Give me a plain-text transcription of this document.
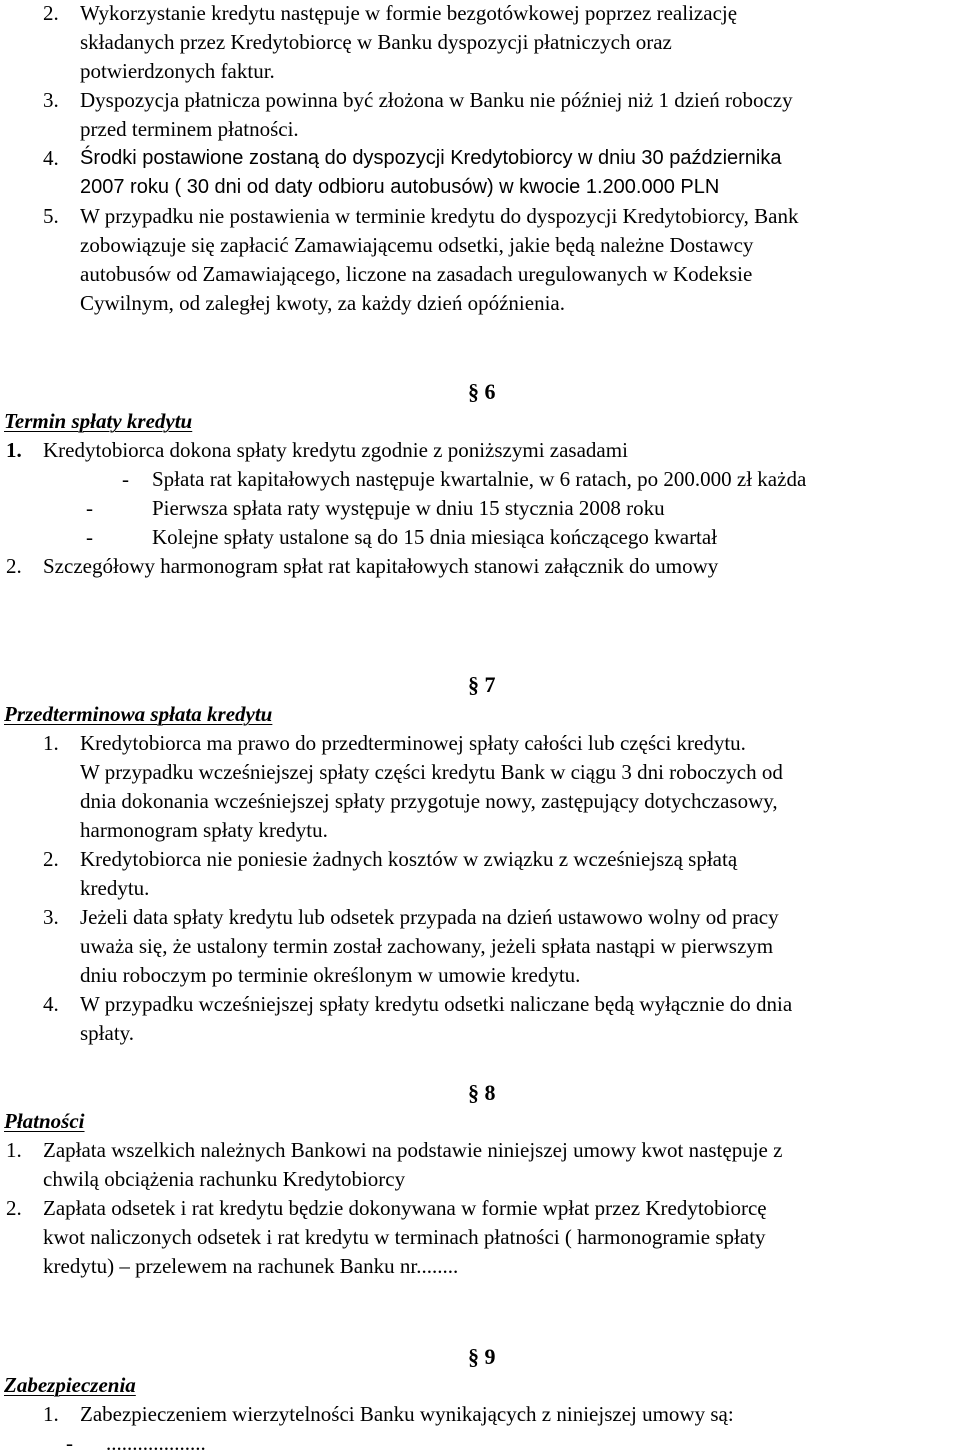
2. Wykorzystanie kredytu następuje w formie bezgotówkowej poprzez realizację
składanych przez Kredytobiorcę w Banku dyspozycji płatniczych oraz
potwierdzonych faktur.
3. Dyspozycja płatnicza powinna być złożona w Banku nie później niż 1 dzień roboczy
przed terminem płatności.
4. Środki postawione zostaną do dyspozycji Kredytobiorcy w dniu 30 października
2007 roku ( 30 dni od daty odbioru autobusów) w kwocie 1.200.000 PLN
5. W przypadku nie postawienia w terminie kredytu do dyspozycji Kredytobiorcy, Bank
zobowiązuje się zapłacić Zamawiającemu odsetki, jakie będą należne Dostawcy
autobusów od Zamawiającego, liczone na zasadach uregulowanych w Kodeksie
Cywilnym, od zaległej kwoty, za każdy dzień opóźnienia.
§ 6
Termin spłaty kredytu
1. Kredytobiorca dokona spłaty kredytu zgodnie z poniższymi zasadami
- Spłata rat kapitałowych następuje kwartalnie, w 6 ratach, po 200.000 zł każda
-	Pierwsza spłata raty występuje w dniu 15 stycznia 2008 roku
-	Kolejne spłaty ustalone są do 15 dnia miesiąca kończącego kwartał
2. Szczegółowy harmonogram spłat rat kapitałowych stanowi załącznik do umowy
§ 7
Przedterminowa spłata kredytu
1. Kredytobiorca ma prawo do przedterminowej spłaty całości lub części kredytu.
W przypadku wcześniejszej spłaty części kredytu Bank w ciągu 3 dni roboczych od
dnia dokonania wcześniejszej spłaty przygotuje nowy, zastępujący dotychczasowy,
harmonogram spłaty kredytu.
2. Kredytobiorca nie poniesie żadnych kosztów w związku z wcześniejszą spłatą
kredytu.
3. Jeżeli data spłaty kredytu lub odsetek przypada na dzień ustawowo wolny od pracy
uważa się, że ustalony termin został zachowany, jeżeli spłata nastąpi w pierwszym
dniu roboczym po terminie określonym w umowie kredytu.
4. W przypadku wcześniejszej spłaty kredytu odsetki naliczane będą wyłącznie do dnia
spłaty.
§ 8
Płatności
1. Zapłata wszelkich należnych Bankowi na podstawie niniejszej umowy kwot następuje z
chwilą obciążenia rachunku Kredytobiorcy
2. Zapłata odsetek i rat kredytu będzie dokonywana w formie wpłat przez Kredytobiorcę
kwot naliczonych odsetek i rat kredytu w terminach płatności ( harmonogramie spłaty
kredytu) – przelewem na rachunek Banku nr........
§ 9
Zabezpieczenia
1. Zabezpieczeniem wierzytelności Banku wynikających z niniejszej umowy są:
- ...................
